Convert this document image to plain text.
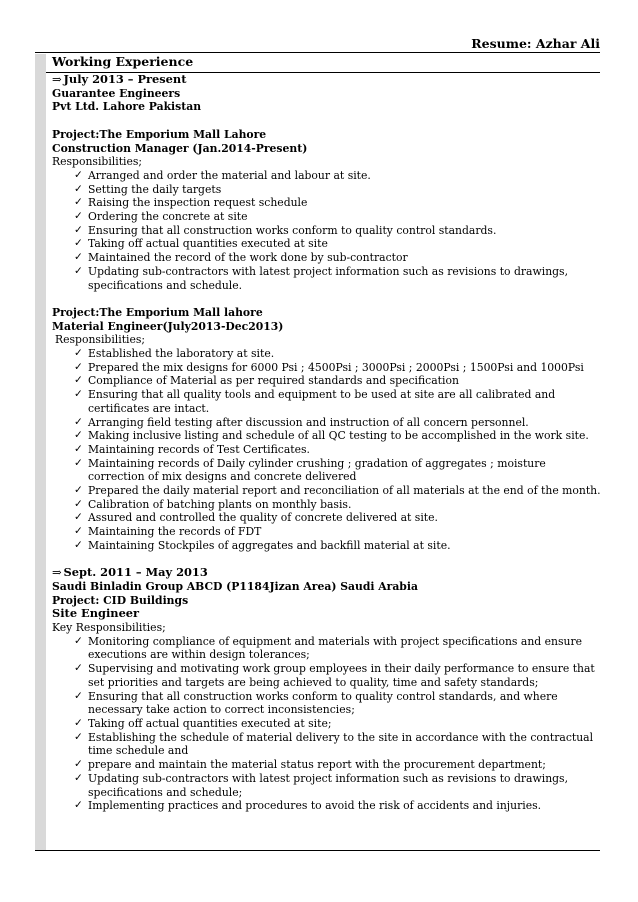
Resume: Azhar Ali
Working Experience
⇒ July 2013 – Present
Guarantee Engineers
Pvt Ltd. Lahore Pakistan
Project:The Emporium Mall Lahore
Construction Manager (Jan.2014-Present)
Responsibilities;
✓ Arranged and order the material and labour at site.
✓ Setting the daily targets
✓ Raising the inspection request schedule
✓ Ordering the concrete at site
✓ Ensuring that all construction works conform to quality control standards.
✓ Taking off actual quantities executed at site
✓ Maintained the record of the work done by sub-contractor
✓ Updating sub-contractors with latest project information such as revisions to drawings, specifications and schedule.
Project:The Emporium Mall lahore
Material Engineer(July2013-Dec2013)
Responsibilities;
✓ Established the laboratory at site.
✓ Prepared the mix designs for 6000 Psi ; 4500Psi ; 3000Psi ; 2000Psi ; 1500Psi and 1000Psi
✓ Compliance of Material as per required standards and specification
✓ Ensuring that all quality tools and equipment to be used at site are all calibrated and certificates are intact.
✓ Arranging field testing after discussion and instruction of all concern personnel.
✓ Making inclusive listing and schedule of all QC testing to be accomplished in the work site.
✓ Maintaining records of Test Certificates.
✓ Maintaining records of Daily cylinder crushing ; gradation of aggregates ; moisture correction of mix designs and concrete delivered
✓ Prepared the daily material report and reconciliation of all materials at the end of the month.
✓ Calibration of batching plants on monthly basis.
✓ Assured and controlled the quality of concrete delivered at site.
✓ Maintaining the records of FDT
✓ Maintaining Stockpiles of aggregates and backfill material at site.
⇒ Sept. 2011 – May 2013
Saudi Binladin Group ABCD (P1184Jizan Area) Saudi Arabia
Project: CID Buildings
Site Engineer
Key Responsibilities;
✓ Monitoring compliance of equipment and materials with project specifications and ensure executions are within design tolerances;
✓ Supervising and motivating work group employees in their daily performance to ensure that set priorities and targets are being achieved to quality, time and safety standards;
✓ Ensuring that all construction works conform to quality control standards, and where necessary take action to correct inconsistencies;
✓ Taking off actual quantities executed at site;
✓ Establishing the schedule of material delivery to the site in accordance with the contractual time schedule and
✓ prepare and maintain the material status report with the procurement department;
✓ Updating sub-contractors with latest project information such as revisions to drawings, specifications and schedule;
✓ Implementing practices and procedures to avoid the risk of accidents and injuries.
